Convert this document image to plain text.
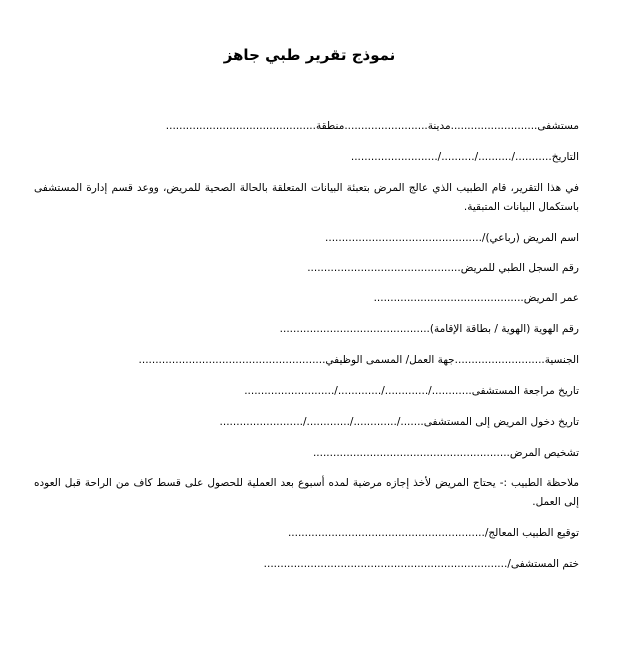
نموذج تقرير طبي جاهز
مستشفى..........................مدينة.........................منطقة.............................................
التاريخ.........../........../........../..........................
في هذا التقرير، قام الطبيب الذي عالج المرض بتعبئة البيانات المتعلقة بالحالة الصحية للمريض، ووعد قسم إدارة المستشفى باستكمال البيانات المتبقية.
اسم المريض (رباعي)/...............................................
رقم السجل الطبي للمريض..............................................
عمر المريض.............................................
رقم الهوية (الهوية / بطاقة الإقامة).............................................
الجنسية...........................جهة العمل/ المسمى الوظيفي........................................................
تاريخ مراجعة المستشفى............/............./............./...........................
تاريخ دخول المريض إلى المستشفى......./............./............./.........................
تشخيص المرض...........................................................
ملاحظة الطبيب :- يحتاج المريض لأخذ إجازه مرضية لمده أسبوع بعد العملية للحصول على قسط كاف من الراحة قبل العوده إلى العمل.
توقيع الطبيب المعالج/...........................................................
ختم المستشفى/.........................................................................
